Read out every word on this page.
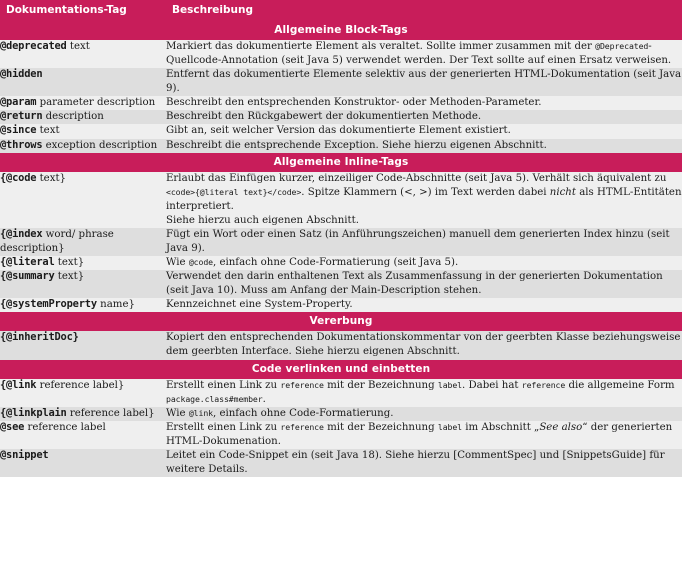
Dokumentations-Tag	Beschreibung
Allgemeine Block-Tags	
@deprecated text	Markiert das dokumentierte Element als veraltet. Sollte immer zusammen mit der @Deprecated-Quellcode-Annotation (seit Java 5) verwendet werden. Der Text sollte auf einen Ersatz verweisen.
@hidden	Entfernt das dokumentierte Elemente selektiv aus der generierten HTML-Dokumentation (seit Java 9).
@param parameter description	Beschreibt den entsprechenden Konstruktor- oder Methoden-Parameter.
@return description	Beschreibt den Rückgabewert der dokumentierten Methode.
@since text	Gibt an, seit welcher Version das dokumentierte Element existiert.
@throws exception description	Beschreibt die entsprechende Exception. Siehe hierzu eigenen Abschnitt.
Allgemeine Inline-Tags	
{@code text}	Erlaubt das Einfügen kurzer, einzeiliger Code-Abschnitte (seit Java 5). Verhält sich äquivalent zu <code>{@literal text}</code>. Spitze Klammern (<, >) im Text werden dabei nicht als HTML-Entitäten interpretiert.
Siehe hierzu auch eigenen Abschnitt.
{@index word/ phrase description}	Fügt ein Wort oder einen Satz (in Anführungszeichen) manuell dem generierten Index hinzu (seit Java 9).
{@literal text}	Wie @code, einfach ohne Code-Formatierung (seit Java 5).
{@summary text}	Verwendet den darin enthaltenen Text als Zusammenfassung in der generierten Dokumentation (seit Java 10). Muss am Anfang der Main-Description stehen.
{@systemProperty name}	Kennzeichnet eine System-Property.
Vererbung	
{@inheritDoc}	Kopiert den entsprechenden Dokumentationskommentar von der geerbten Klasse beziehungsweise dem geerbten Interface. Siehe hierzu eigenen Abschnitt.
Code verlinken und einbetten	
{@link reference label}	Erstellt einen Link zu reference mit der Bezeichnung label. Dabei hat reference die allgemeine Form package.class#member.
{@linkplain reference label}	Wie @link, einfach ohne Code-Formatierung.
@see reference label	Erstellt einen Link zu reference mit der Bezeichnung label im Abschnitt „See also“ der generierten HTML-Dokumenation.
@snippet	Leitet ein Code-Snippet ein (seit Java 18). Siehe hierzu [CommentSpec] und [SnippetsGuide] für weitere Details.
